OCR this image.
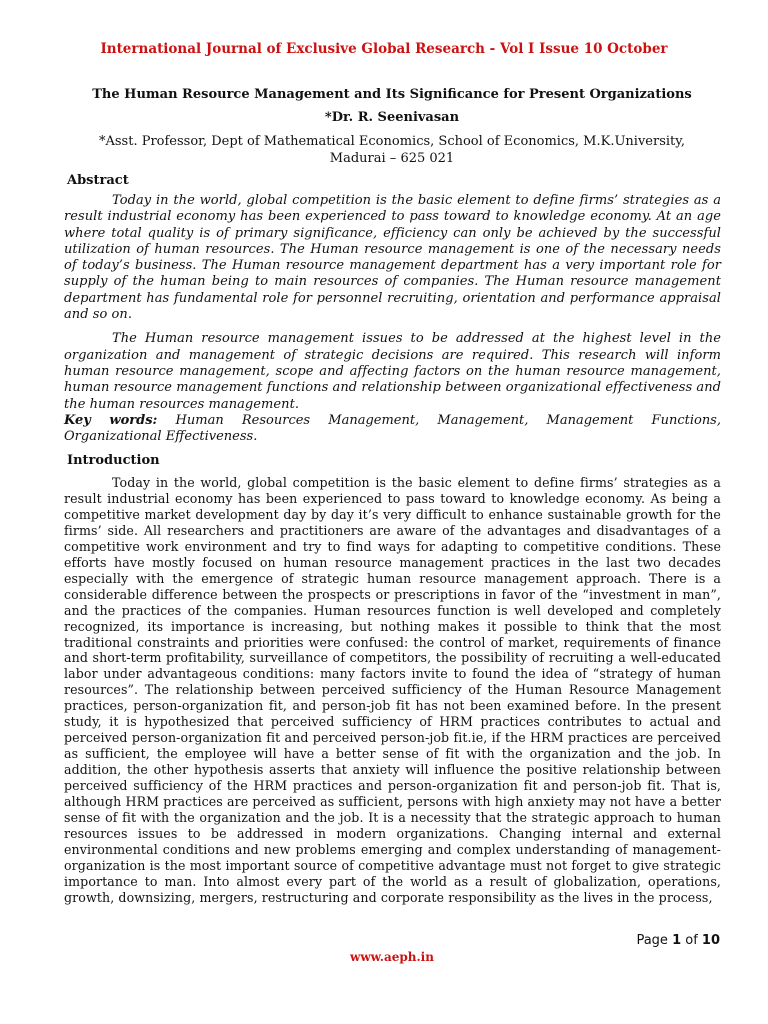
International Journal of Exclusive Global Research - Vol I Issue 10 October
The Human Resource Management and Its Significance for Present Organizations
*Dr. R. Seenivasan
*Asst. Professor, Dept of Mathematical Economics, School of Economics, M.K.University, Madurai – 625 021
Abstract

Today in the world, global competition is the basic element to define firms’ strategies as a result industrial economy has been experienced to pass toward to knowledge economy. At an age where total quality is of primary significance, efficiency can only be achieved by the successful utilization of human resources. The Human resource management is one of the necessary needs of today’s business. The Human resource management department has a very important role for supply of the human being to main resources of companies. The Human resource management department has fundamental role for personnel recruiting, orientation and performance appraisal and so on.

The Human resource management issues to be addressed at the highest level in the organization and management of strategic decisions are required. This research will inform human resource management, scope and affecting factors on the human resource management, human resource management functions and relationship between organizational effectiveness and the human resources management.

Key words: Human Resources Management, Management, Management Functions, Organizational Effectiveness.
Introduction

Today in the world, global competition is the basic element to define firms’ strategies as a result industrial economy has been experienced to pass toward to knowledge economy. As being a competitive market development day by day it’s very difficult to enhance sustainable growth for the firms’ side. All researchers and practitioners are aware of the advantages and disadvantages of a competitive work environment and try to find ways for adapting to competitive conditions. These efforts have mostly focused on human resource management practices in the last two decades especially with the emergence of strategic human resource management approach. There is a considerable difference between the prospects or prescriptions in favor of the “investment in man”, and the practices of the companies. Human resources function is well developed and completely recognized, its importance is increasing, but nothing makes it possible to think that the most traditional constraints and priorities were confused: the control of market, requirements of finance and short-term profitability, surveillance of competitors, the possibility of recruiting a well-educated labor under advantageous conditions: many factors invite to found the idea of “strategy of human resources”. The relationship between perceived sufficiency of the Human Resource Management practices, person-organization fit, and person-job fit has not been examined before. In the present study, it is hypothesized that perceived sufficiency of HRM practices contributes to actual and perceived person-organization fit and perceived person-job fit.ie, if the HRM practices are perceived as sufficient, the employee will have a better sense of fit with the organization and the job. In addition, the other hypothesis asserts that anxiety will influence the positive relationship between perceived sufficiency of the HRM practices and person-organization fit and person-job fit. That is, although HRM practices are perceived as sufficient, persons with high anxiety may not have a better sense of fit with the organization and the job. It is a necessity that the strategic approach to human resources issues to be addressed in modern organizations. Changing internal and external environmental conditions and new problems emerging and complex understanding of management-organization is the most important source of competitive advantage must not forget to give strategic importance to man. Into almost every part of the world as a result of globalization, operations, growth, downsizing, mergers, restructuring and corporate responsibility as the lives in the process,

Page 1 of 10
www.aeph.in
